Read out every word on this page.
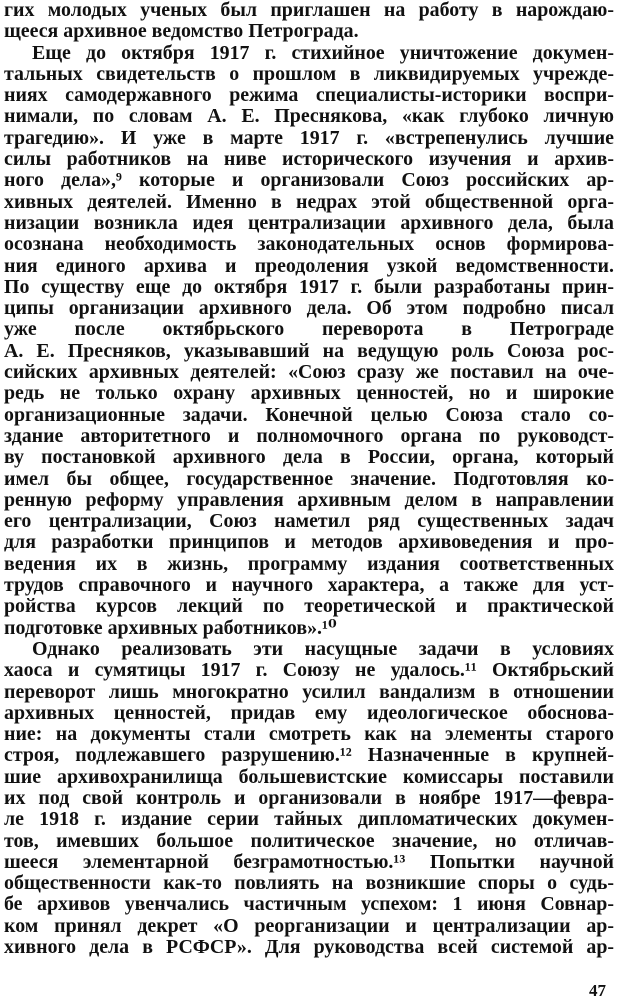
гих молодых ученых был приглашен на работу в нарождаю-
щееся архивное ведомство Петрограда.
Еще до октября 1917 г. стихийное уничтожение докумен-
тальных свидетельств о прошлом в ликвидируемых учрежде-
ниях самодержавного режима специалисты-историки воспри-
нимали, по словам А. Е. Преснякова, «как глубоко личную
трагедию». И уже в марте 1917 г. «встрепенулись лучшие
силы работников на ниве исторического изучения и архив-
ного дела»,⁹ которые и организовали Союз российских ар-
хивных деятелей. Именно в недрах этой общественной орга-
низации возникла идея централизации архивного дела, была
осознана необходимость законодательных основ формирова-
ния единого архива и преодоления узкой ведомственности.
По существу еще до октября 1917 г. были разработаны прин-
ципы организации архивного дела. Об этом подробно писал
уже после октябрьского переворота в Петрограде
А. Е. Пресняков, указывавший на ведущую роль Союза рос-
сийских архивных деятелей: «Союз сразу же поставил на оче-
редь не только охрану архивных ценностей, но и широкие
организационные задачи. Конечной целью Союза стало со-
здание авторитетного и полномочного органа по руководст-
ву постановкой архивного дела в России, органа, который
имел бы общее, государственное значение. Подготовляя ко-
ренную реформу управления архивным делом в направлении
его централизации, Союз наметил ряд существенных задач
для разработки принципов и методов архивоведения и про-
ведения их в жизнь, программу издания соответственных
трудов справочного и научного характера, а также для уст-
ройства курсов лекций по теоретической и практической
подготовке архивных работников».¹⁰
Однако реализовать эти насущные задачи в условиях
хаоса и сумятицы 1917 г. Союзу не удалось.¹¹ Октябрьский
переворот лишь многократно усилил вандализм в отношении
архивных ценностей, придав ему идеологическое обоснова-
ние: на документы стали смотреть как на элементы старого
строя, подлежавшего разрушению.¹² Назначенные в крупней-
шие архивохранилища большевистские комиссары поставили
их под свой контроль и организовали в ноябре 1917—февра-
ле 1918 г. издание серии тайных дипломатических докумен-
тов, имевших большое политическое значение, но отличав-
шееся элементарной безграмотностью.¹³ Попытки научной
общественности как-то повлиять на возникшие споры о судь-
бе архивов увенчались частичным успехом: 1 июня Совнар-
ком принял декрет «О реорганизации и централизации ар-
хивного дела в РСФСР». Для руководства всей системой ар-
47
